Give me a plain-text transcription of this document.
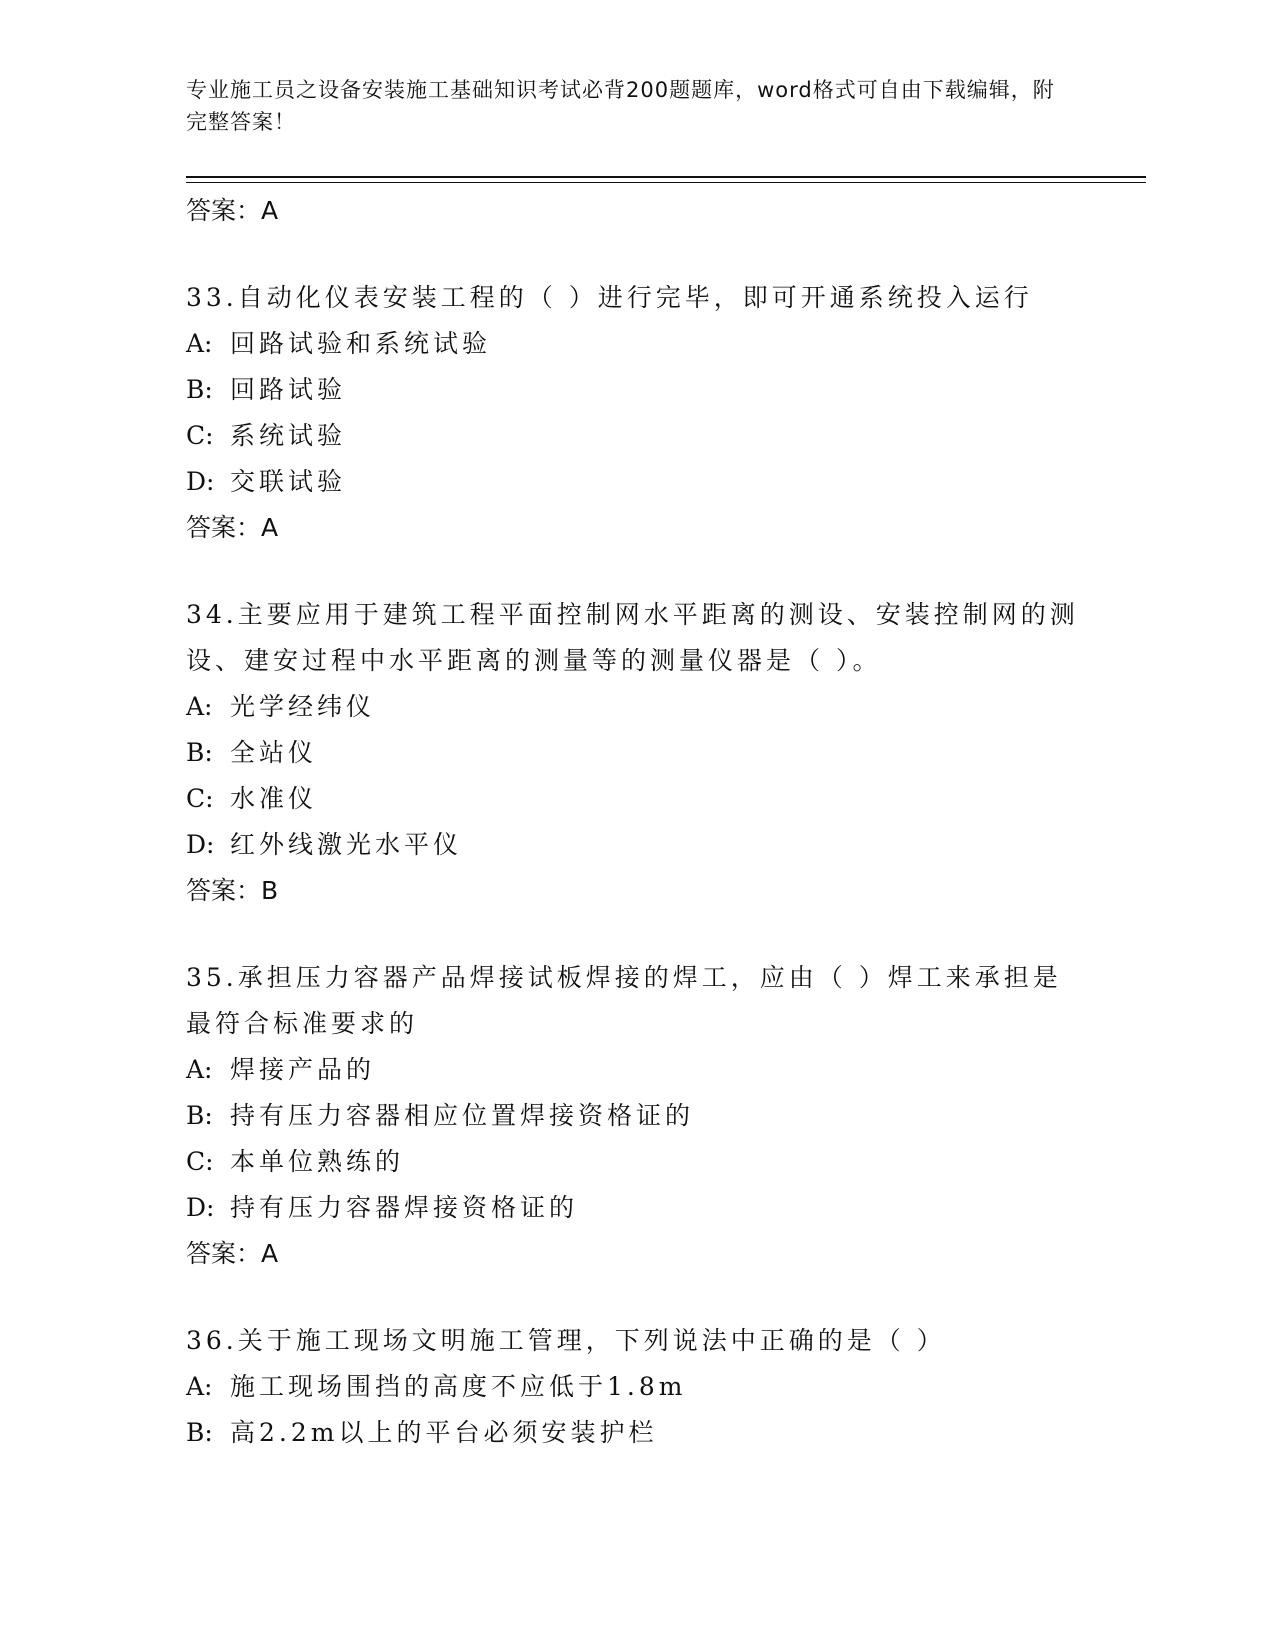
专业施工员之设备安装施工基础知识考试必背200题题库，word格式可自由下载编辑，附完整答案！
答案：A
33.自动化仪表安装工程的（ ）进行完毕，即可开通系统投入运行
A: 回路试验和系统试验
B: 回路试验
C: 系统试验
D: 交联试验
答案：A
34.主要应用于建筑工程平面控制网水平距离的测设、安装控制网的测设、建安过程中水平距离的测量等的测量仪器是（ ）。
A: 光学经纬仪
B: 全站仪
C: 水准仪
D: 红外线激光水平仪
答案：B
35.承担压力容器产品焊接试板焊接的焊工，应由（ ）焊工来承担是最符合标准要求的
A: 焊接产品的
B: 持有压力容器相应位置焊接资格证的
C: 本单位熟练的
D: 持有压力容器焊接资格证的
答案：A
36.关于施工现场文明施工管理，下列说法中正确的是（ ）
A: 施工现场围挡的高度不应低于1.8m
B: 高2.2m以上的平台必须安装护栏
